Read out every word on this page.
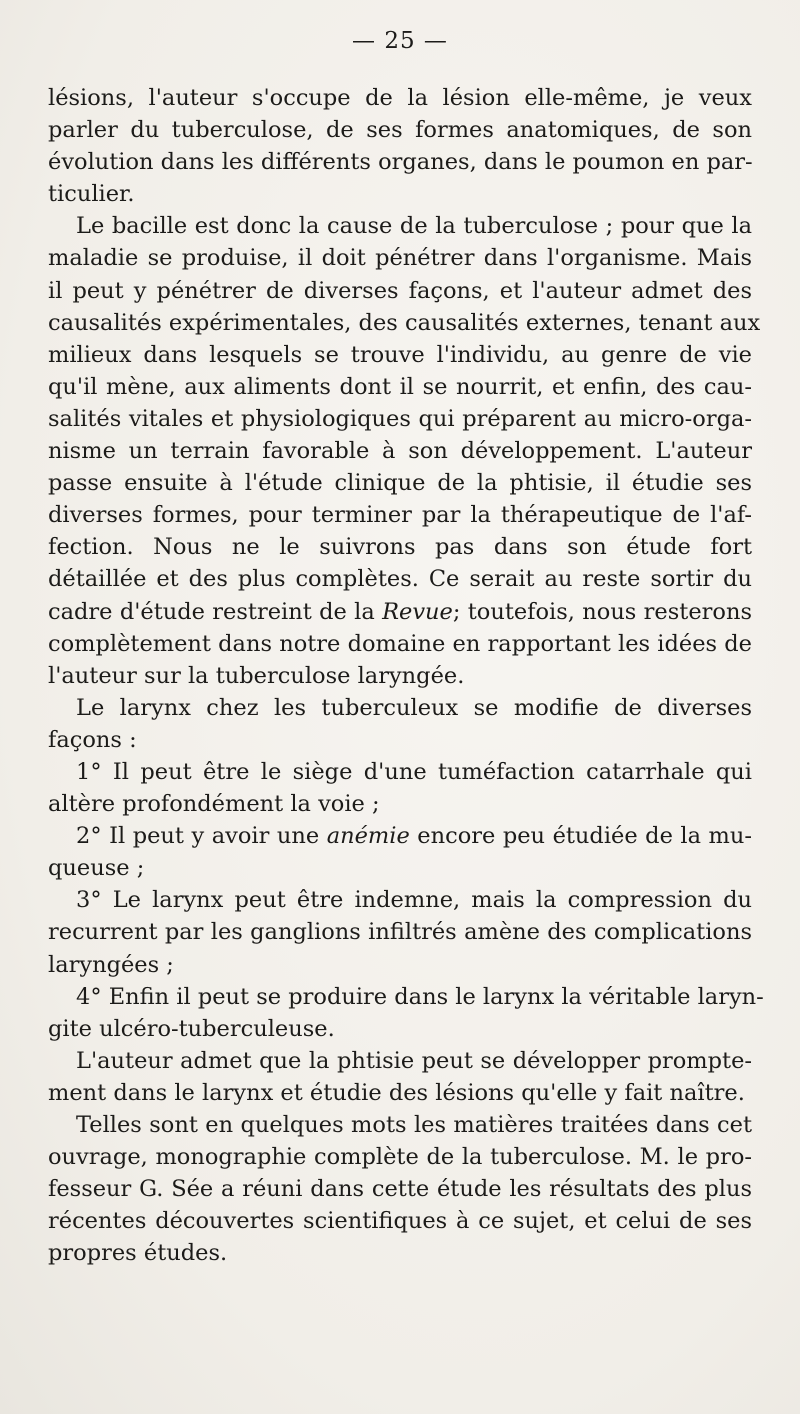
— 25 —
lésions, l'auteur s'occupe de la lésion elle-même, je veux
parler du tuberculose, de ses formes anatomiques, de son
évolution dans les différents organes, dans le poumon en par-
ticulier.
Le bacille est donc la cause de la tuberculose ; pour que la
maladie se produise, il doit pénétrer dans l'organisme. Mais
il peut y pénétrer de diverses façons, et l'auteur admet des
causalités expérimentales, des causalités externes, tenant aux
milieux dans lesquels se trouve l'individu, au genre de vie
qu'il mène, aux aliments dont il se nourrit, et enfin, des cau-
salités vitales et physiologiques qui préparent au micro-orga-
nisme un terrain favorable à son développement. L'auteur
passe ensuite à l'étude clinique de la phtisie, il étudie ses
diverses formes, pour terminer par la thérapeutique de l'af-
fection. Nous ne le suivrons pas dans son étude fort
détaillée et des plus complètes. Ce serait au reste sortir du
cadre d'étude restreint de la Revue; toutefois, nous resterons
complètement dans notre domaine en rapportant les idées de
l'auteur sur la tuberculose laryngée.
Le larynx chez les tuberculeux se modifie de diverses
façons :
1° Il peut être le siège d'une tuméfaction catarrhale qui
altère profondément la voie ;
2° Il peut y avoir une anémie encore peu étudiée de la mu-
queuse ;
3° Le larynx peut être indemne, mais la compression du
recurrent par les ganglions infiltrés amène des complications
laryngées ;
4° Enfin il peut se produire dans le larynx la véritable laryn-
gite ulcéro-tuberculeuse.
L'auteur admet que la phtisie peut se développer prompte-
ment dans le larynx et étudie des lésions qu'elle y fait naître.
Telles sont en quelques mots les matières traitées dans cet
ouvrage, monographie complète de la tuberculose. M. le pro-
fesseur G. Sée a réuni dans cette étude les résultats des plus
récentes découvertes scientifiques à ce sujet, et celui de ses
propres études.
